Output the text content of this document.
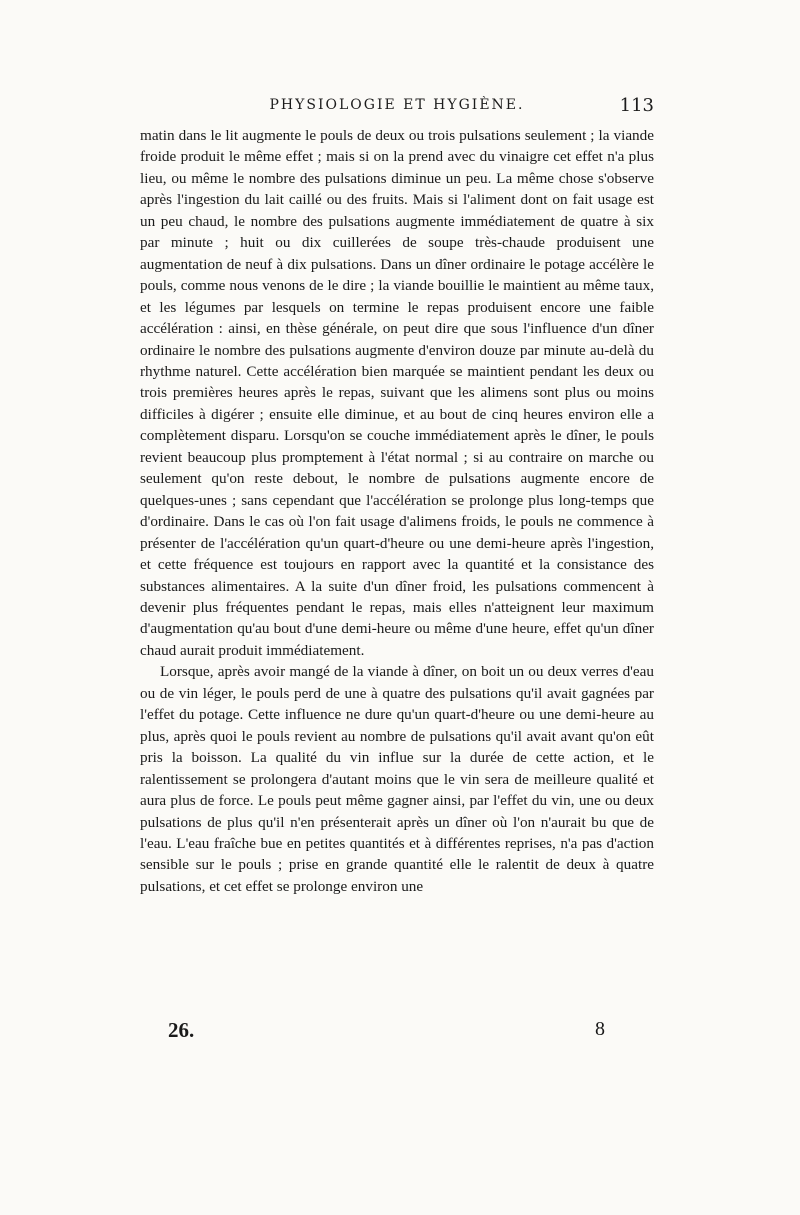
PHYSIOLOGIE ET HYGIÈNE.	113

matin dans le lit augmente le pouls de deux ou trois pulsations seulement ; la viande froide produit le même effet ; mais si on la prend avec du vinaigre cet effet n'a plus lieu, ou même le nombre des pulsations diminue un peu. La même chose s'observe après l'ingestion du lait caillé ou des fruits. Mais si l'aliment dont on fait usage est un peu chaud, le nombre des pulsations augmente immédiatement de quatre à six par minute ; huit ou dix cuillerées de soupe très-chaude produisent une augmentation de neuf à dix pulsations. Dans un dîner ordinaire le potage accélère le pouls, comme nous venons de le dire ; la viande bouillie le maintient au même taux, et les légumes par lesquels on termine le repas produisent encore une faible accélération : ainsi, en thèse générale, on peut dire que sous l'influence d'un dîner ordinaire le nombre des pulsations augmente d'environ douze par minute au-delà du rhythme naturel. Cette accélération bien marquée se maintient pendant les deux ou trois premières heures après le repas, suivant que les alimens sont plus ou moins difficiles à digérer ; ensuite elle diminue, et au bout de cinq heures environ elle a complètement disparu. Lorsqu'on se couche immédiatement après le dîner, le pouls revient beaucoup plus promptement à l'état normal ; si au contraire on marche ou seulement qu'on reste debout, le nombre de pulsations augmente encore de quelques-unes ; sans cependant que l'accélération se prolonge plus long-temps que d'ordinaire. Dans le cas où l'on fait usage d'alimens froids, le pouls ne commence à présenter de l'accélération qu'un quart-d'heure ou une demi-heure après l'ingestion, et cette fréquence est toujours en rapport avec la quantité et la consistance des substances alimentaires. A la suite d'un dîner froid, les pulsations commencent à devenir plus fréquentes pendant le repas, mais elles n'atteignent leur maximum d'augmentation qu'au bout d'une demi-heure ou même d'une heure, effet qu'un dîner chaud aurait produit immédiatement.

Lorsque, après avoir mangé de la viande à dîner, on boit un ou deux verres d'eau ou de vin léger, le pouls perd de une à quatre des pulsations qu'il avait gagnées par l'effet du potage. Cette influence ne dure qu'un quart-d'heure ou une demi-heure au plus, après quoi le pouls revient au nombre de pulsations qu'il avait avant qu'on eût pris la boisson. La qualité du vin influe sur la durée de cette action, et le ralentissement se prolongera d'autant moins que le vin sera de meilleure qualité et aura plus de force. Le pouls peut même gagner ainsi, par l'effet du vin, une ou deux pulsations de plus qu'il n'en présenterait après un dîner où l'on n'aurait bu que de l'eau. L'eau fraîche bue en petites quantités et à différentes reprises, n'a pas d'action sensible sur le pouls ; prise en grande quantité elle le ralentit de deux à quatre pulsations, et cet effet se prolonge environ une

26.	8
